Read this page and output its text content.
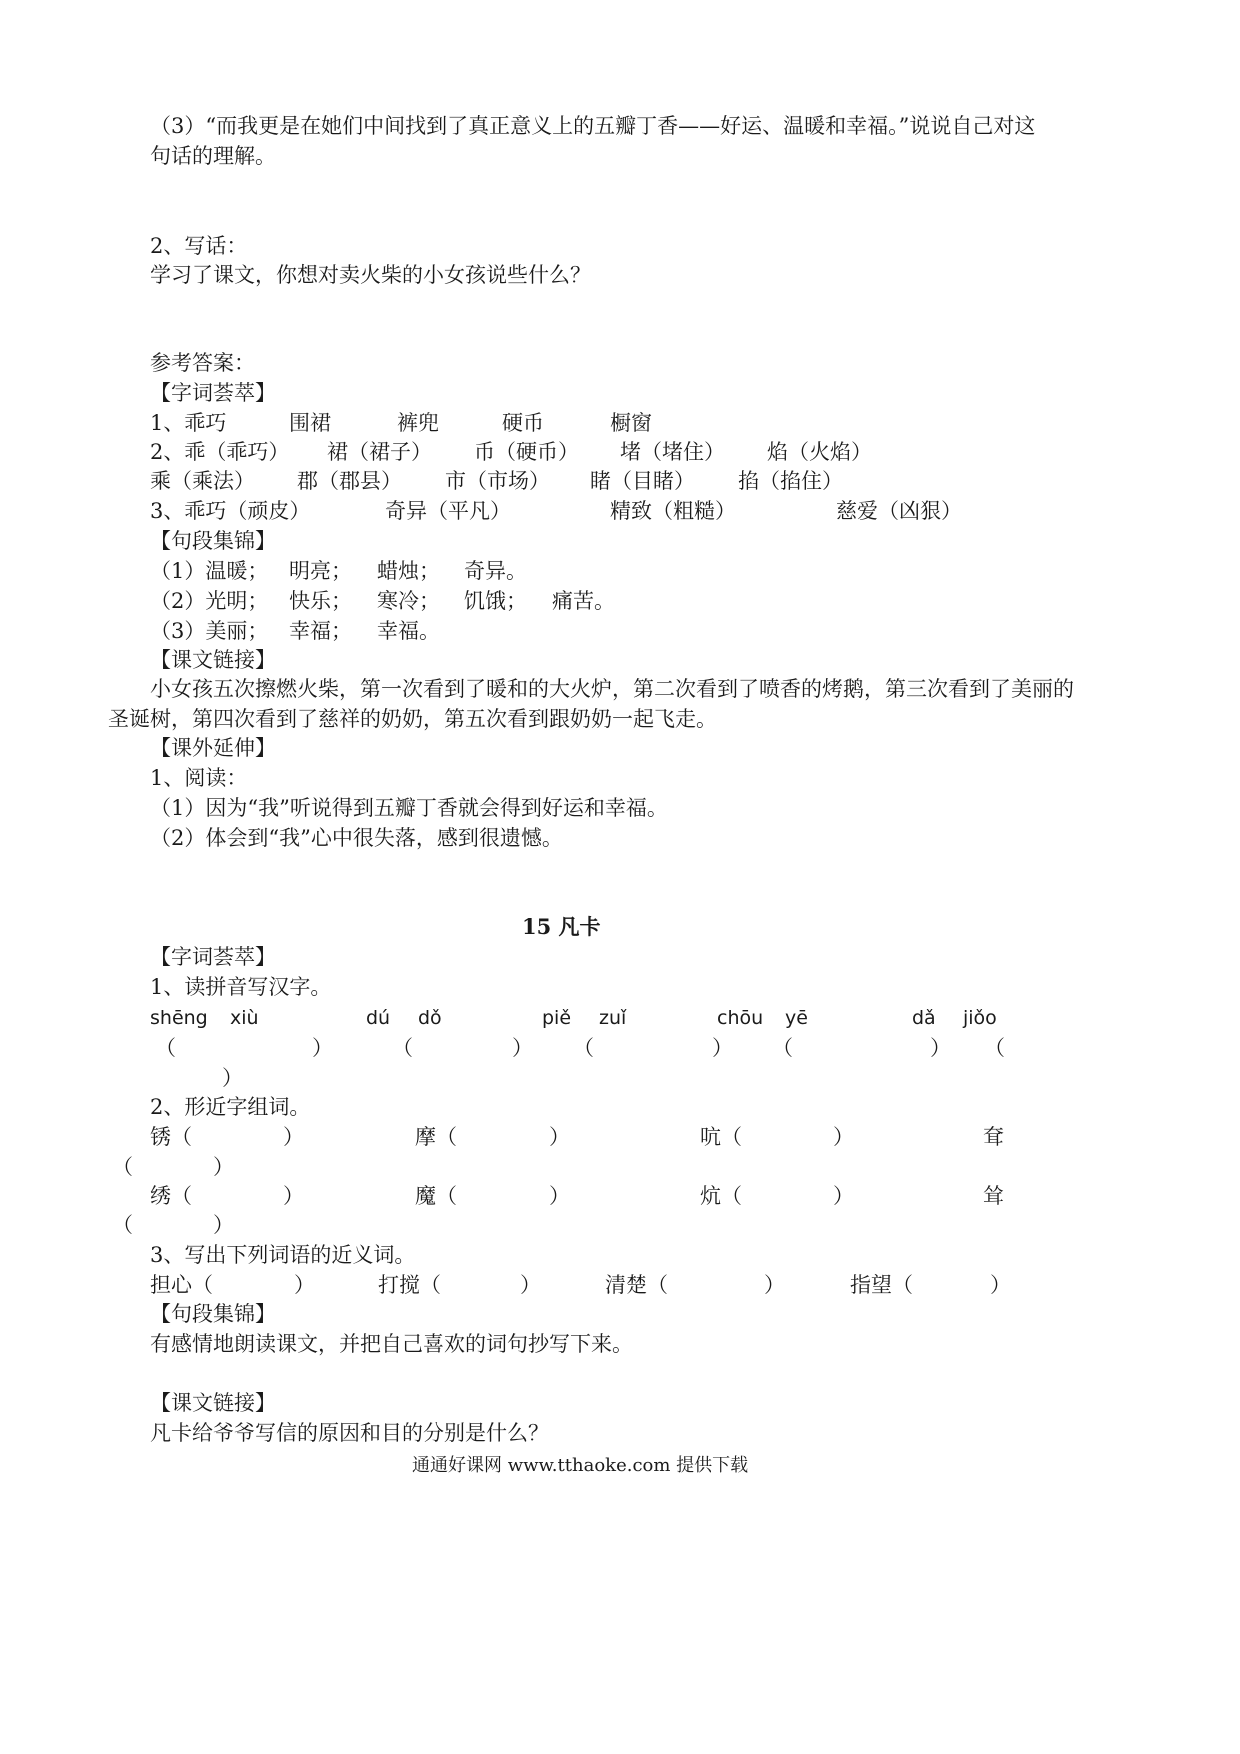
（3）“而我更是在她们中间找到了真正意义上的五瓣丁香——好运、温暖和幸福。”说说自己对这
句话的理解。
2、写话：
学习了课文，你想对卖火柴的小女孩说些什么？
参考答案：
【字词荟萃】
1、乖巧	围裙	裤兜	硬币	橱窗
2、乖（乖巧） 裙（裙子） 币（硬币） 堵（堵住） 焰（火焰）
乘（乘法） 郡（郡县） 市（市场） 睹（目睹） 掐（掐住）
3、乖巧（顽皮）	奇异（平凡）	精致（粗糙）	慈爱（凶狠）
【句段集锦】
（1）温暖； 明亮； 蜡烛； 奇异。
（2）光明； 快乐； 寒冷； 饥饿； 痛苦。
（3）美丽； 幸福； 幸福。
【课文链接】
小女孩五次擦燃火柴，第一次看到了暖和的大火炉，第二次看到了喷香的烤鹅，第三次看到了美丽的
圣诞树，第四次看到了慈祥的奶奶，第五次看到跟奶奶一起飞走。
【课外延伸】
1、阅读：
（1）因为“我”听说得到五瓣丁香就会得到好运和幸福。
（2）体会到“我”心中很失落，感到很遗憾。
15 凡卡
【字词荟萃】
1、读拼音写汉字。
shēng xiù	dú dǒ	piě zuǐ	chōu yē	dǎ jiǒo
（	）	（	） （	） （	） （
）
2、形近字组词。
锈（	）	摩（	）	吭（	）	耷
（	）
绣（	）	魔（	）	炕（	）	耸
（	）
3、写出下列词语的近义词。
担心（	）	打搅（	）	清楚（	）	指望（	）
【句段集锦】
有感情地朗读课文，并把自己喜欢的词句抄写下来。
【课文链接】
凡卡给爷爷写信的原因和目的分别是什么？
通通好课网 www.tthaoke.com 提供下载
